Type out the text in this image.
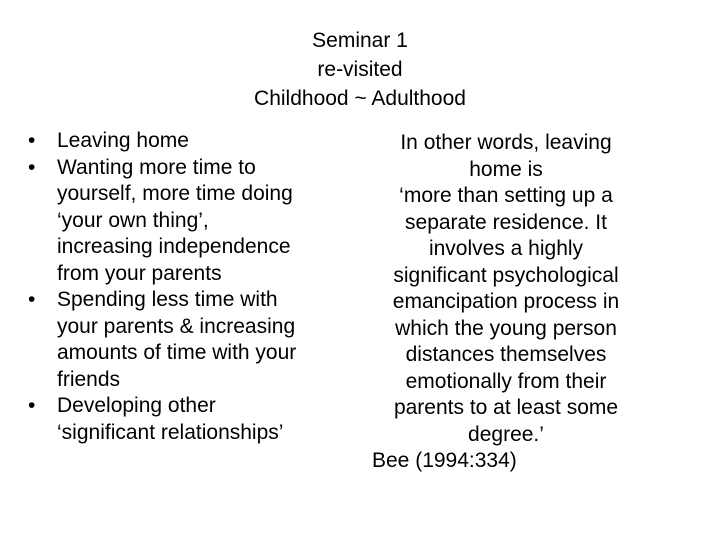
Seminar 1
re-visited
Childhood ~ Adulthood
•	Leaving home
•	Wanting more time to
yourself, more time doing
‘your own thing’,
increasing independence
from your parents
•	Spending less time with
your parents & increasing
amounts of time with your
friends
•	Developing other
‘significant relationships’
In other words, leaving
home is
‘more than setting up a
separate residence. It
involves a highly
significant psychological
emancipation process in
which the young person
distances themselves
emotionally from their
parents to at least some
degree.’
Bee (1994:334)
